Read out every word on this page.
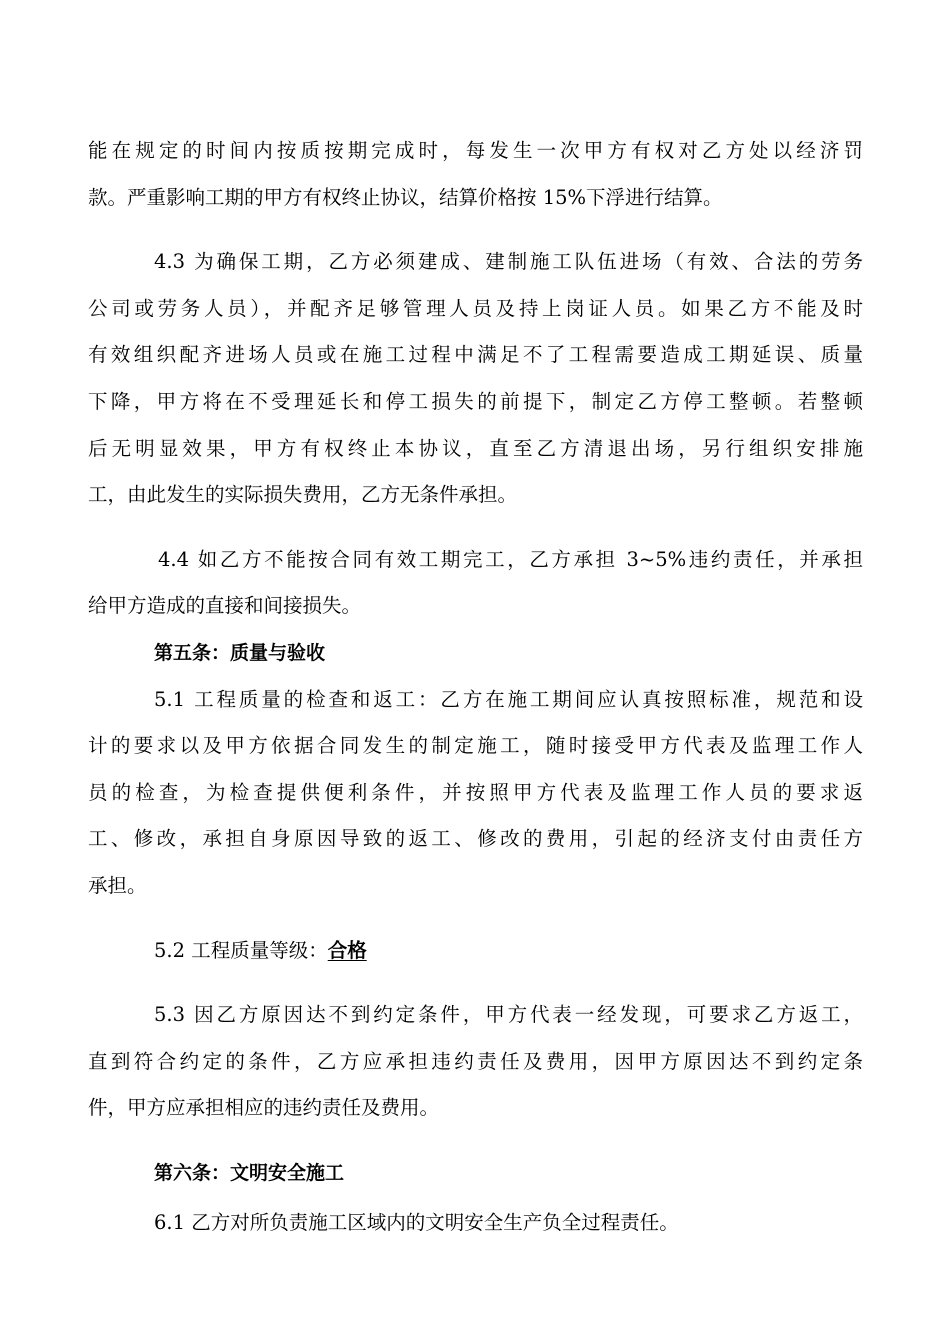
能在规定的时间内按质按期完成时，每发生一次甲方有权对乙方处以经济罚
款。严重影响工期的甲方有权终止协议，结算价格按 15%下浮进行结算。
4.3 为确保工期，乙方必须建成、建制施工队伍进场（有效、合法的劳务
公司或劳务人员），并配齐足够管理人员及持上岗证人员。如果乙方不能及时
有效组织配齐进场人员或在施工过程中满足不了工程需要造成工期延误、质量
下降，甲方将在不受理延长和停工损失的前提下，制定乙方停工整顿。若整顿
后无明显效果，甲方有权终止本协议，直至乙方清退出场，另行组织安排施
工，由此发生的实际损失费用，乙方无条件承担。
4.4 如乙方不能按合同有效工期完工，乙方承担 3~5%违约责任，并承担
给甲方造成的直接和间接损失。
第五条：质量与验收
5.1 工程质量的检查和返工：乙方在施工期间应认真按照标准，规范和设
计的要求以及甲方依据合同发生的制定施工，随时接受甲方代表及监理工作人
员的检查，为检查提供便利条件，并按照甲方代表及监理工作人员的要求返
工、修改，承担自身原因导致的返工、修改的费用，引起的经济支付由责任方
承担。
5.2 工程质量等级：合格
5.3 因乙方原因达不到约定条件，甲方代表一经发现，可要求乙方返工，
直到符合约定的条件，乙方应承担违约责任及费用，因甲方原因达不到约定条
件，甲方应承担相应的违约责任及费用。
第六条：文明安全施工
6.1 乙方对所负责施工区域内的文明安全生产负全过程责任。
